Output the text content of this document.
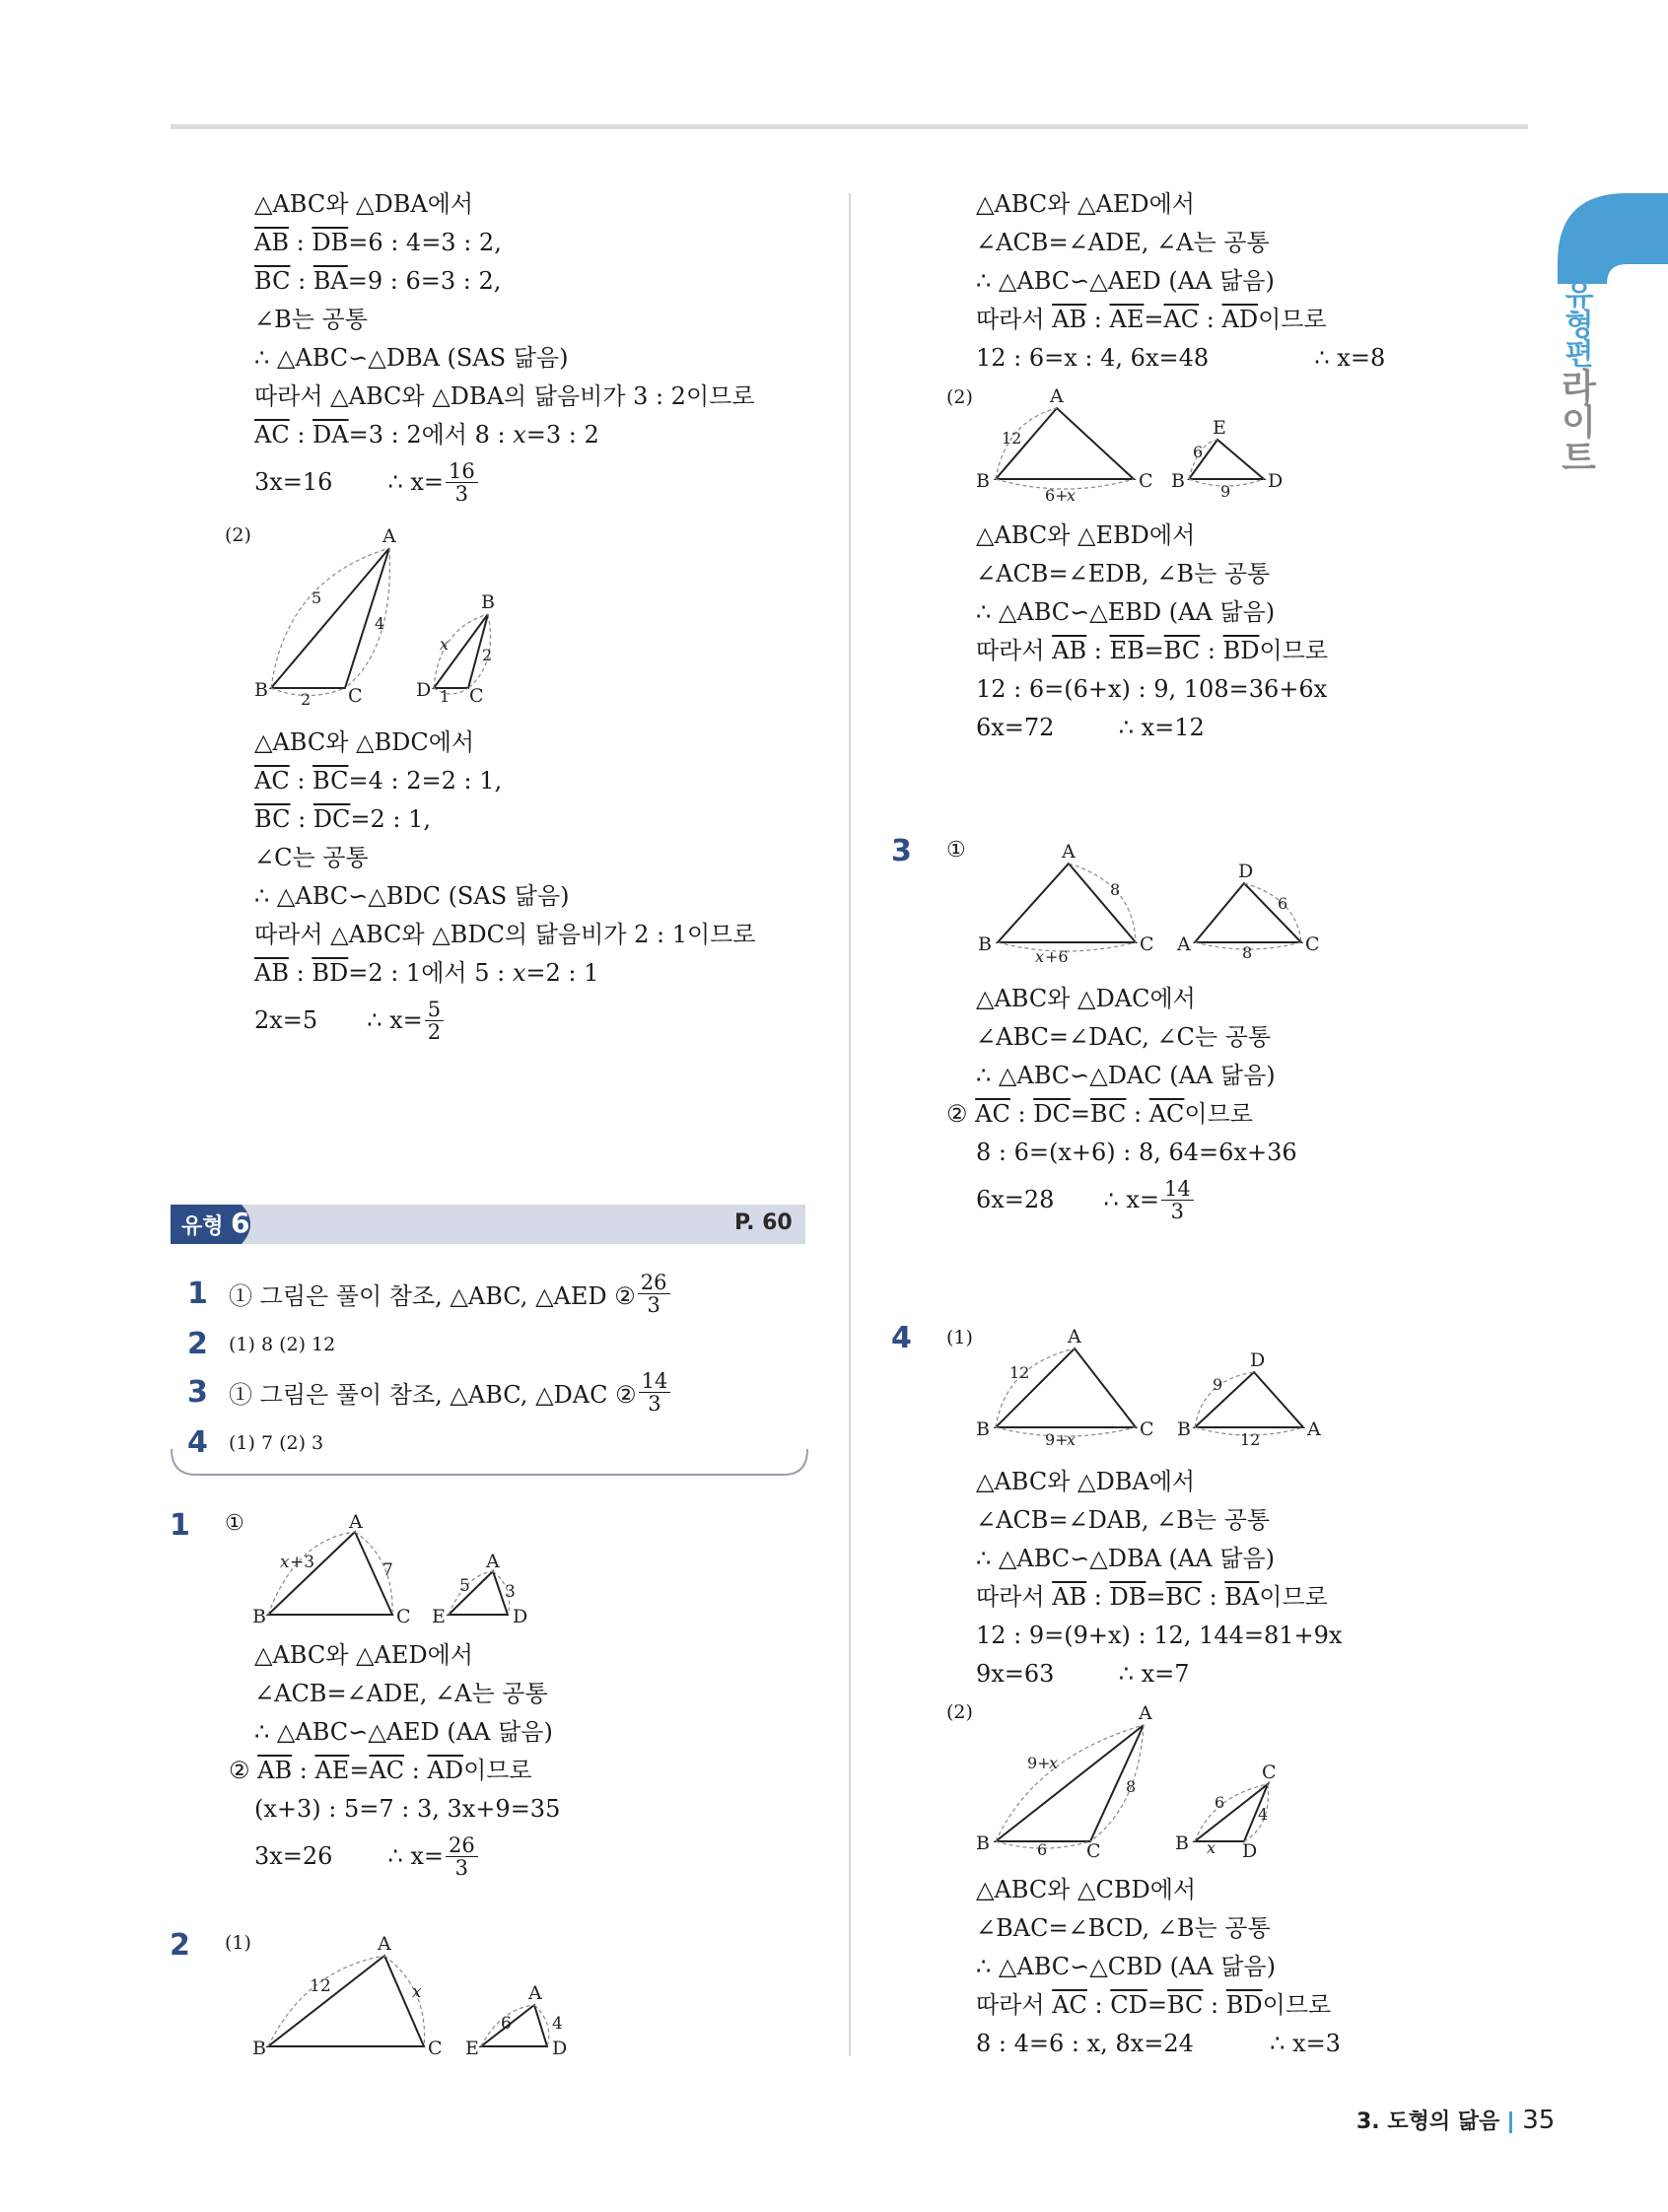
유형편
라이트
△ABC와 △DBA에서
$\overline{AB}$ : $\overline{DB}=6$ : 4=3 : 2,
$\overline{BC}$ : $\overline{BA}=9$ : 6=3 : 2,
∠B는 공통
∴ △ABC∽△DBA (SAS 닮음)
따라서 △ABC와 △DBA의 닮음비가 3 : 2이므로
$\overline{AC}$ : $\overline{DA}=3$ : 2에서 8 : x=3 : 2
3x=16 ∴ $x= \frac{16}{3}$
(2)	A
B	C
B
D C
5
4
2
x
2
1
△ABC와 △BDC에서
$\overline{AC}$ : $\overline{BC}=4$ : 2=2 : 1,
$\overline{BC}$ : $\overline{DC}=2$ : 1,
∠C는 공통
∴ △ABC∽△BDC (SAS 닮음)
따라서 △ABC와 △BDC의 닮음비가 2 : 1이므로
$\overline{AB}$ : $\overline{BD}=2$ : 1에서 5 : x=2 : 1
2x=5 ∴ $x= \frac{5}{2}$
유형 6	P. 60
1 ① 그림은 풀이 참조, △ABC, △AED ② $\frac{26}{3}$
2	(1) 8 (2) 12
3 ① 그림은 풀이 참조, △ABC, △DAC ② $\frac{14}{3}$
4	(1) 7 (2) 3
1 ①	A
B	C
A
E	D
x +3	7
5 3
△ABC와 △AED에서
∠ACB=∠ADE, ∠A는 공통
∴ △ABC∽△AED (AA 닮음)
② $\overline{AB}$ : $\overline{AE}=\overline{AC}$ : $\overline{AD}$이므로
(x+3) : 5=7 : 3, 3x+9=35
3x=26 ∴ $x= \frac{26}{3}$
2 (1)	A
B	C
A
E	D
12	x
6 4
△ABC와 △AED에서
∠ACB=∠ADE, ∠A는 공통
∴ △ABC∽△AED (AA 닮음)
따라서 $\overline{AB}$ : $\overline{AE}=\overline{AC}$ : $\overline{AD}$이므로
12 : 6=x : 4, 6x=48	∴ x=8
(2)	A
B	C
E
B	D
12
6+
x
6
9
△ABC와 △EBD에서
∠ACB=∠EDB, ∠B는 공통
∴ △ABC∽△EBD (AA 닮음)
따라서 $\overline{AB}$ : $\overline{EB}=\overline{BC}$ : $\overline{BD}$이므로
12 : 6=(6+x) : 9, 108=36+6x
6x=72	∴ x=12
3 ①	A
B	C
D
A	C
8
x +6
6
8
△ABC와 △DAC에서
∠ABC=∠DAC, ∠C는 공통
∴ △ABC∽△DAC (AA 닮음)
② $\overline{AC}$ : $\overline{DC}=\overline{BC}$ : $\overline{AC}$이므로
8 : 6=(x+6) : 8, 64=6x+36
6x=28 ∴ $x= \frac{14}{3}$
4 (1)	A
B	C
D
B	A
12
9+
x
9
12
△ABC와 △DBA에서
∠ACB=∠DAB, ∠B는 공통
∴ △ABC∽△DBA (AA 닮음)
따라서 $\overline{AB}$ : $\overline{DB}=\overline{BC}$ : $\overline{BA}$이므로
12 : 9=(9+x) : 12, 144=81+9x
9x=63	∴ x=7
(2)	A
B	C
C
B	D
9+
x
8
6
6
4
x
△ABC와 △CBD에서
∠BAC=∠BCD, ∠B는 공통
∴ △ABC∽△CBD (AA 닮음)
따라서 $\overline{AC}$ : $\overline{CD}=\overline{BC}$ : $\overline{BD}$이므로
8 : 4=6 : x, 8x=24	∴ x=3
3. 도형의 닮음 35
